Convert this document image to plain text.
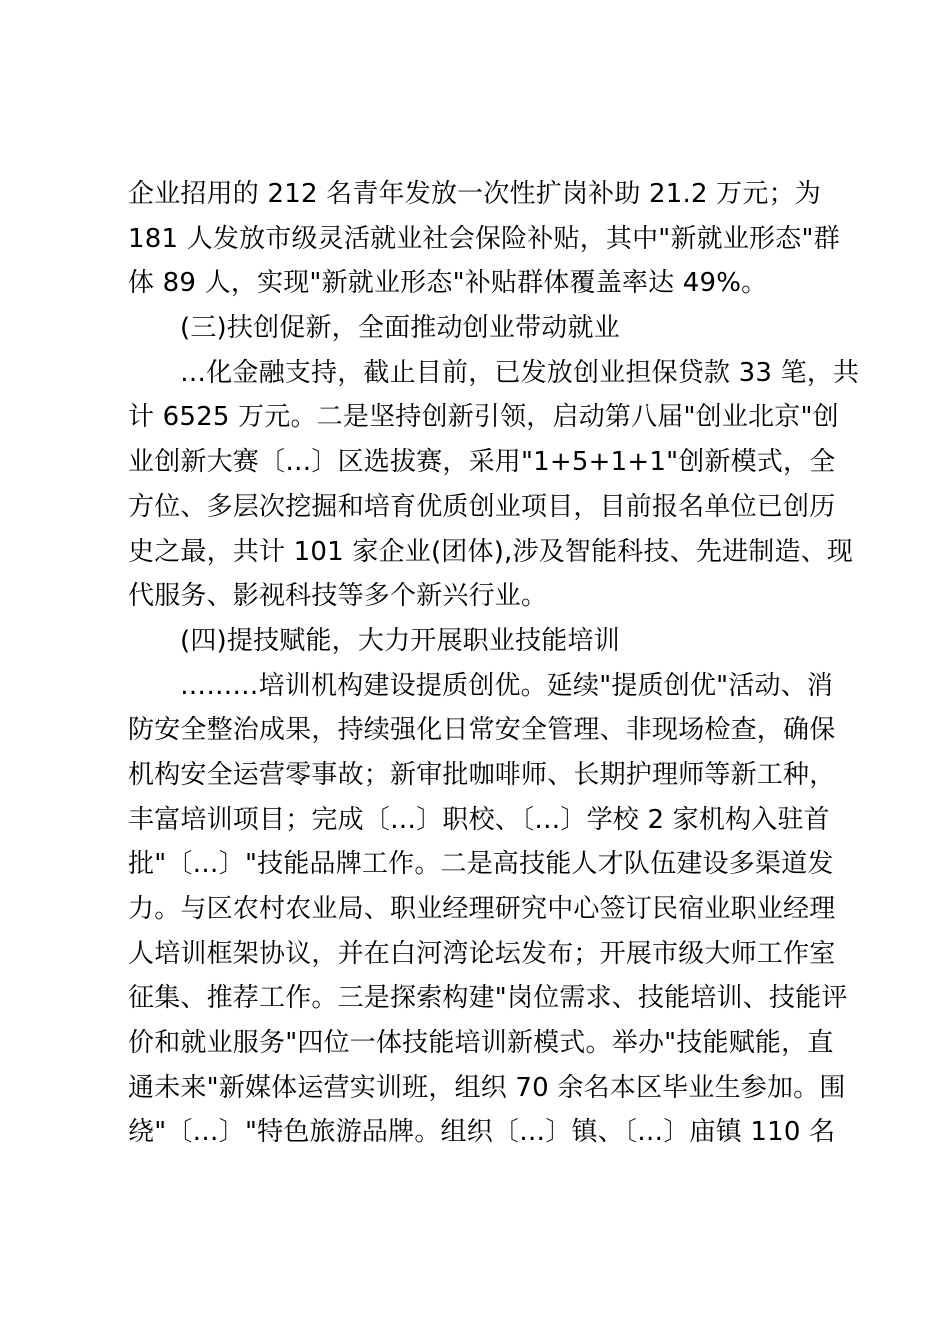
企业招用的 212 名青年发放一次性扩岗补助 21.2 万元；为
181 人发放市级灵活就业社会保险补贴，其中"新就业形态"群
体 89 人，实现"新就业形态"补贴群体覆盖率达 49%。
(三)扶创促新，全面推动创业带动就业
…化金融支持，截止目前，已发放创业担保贷款 33 笔，共
计 6525 万元。二是坚持创新引领，启动第八届"创业北京"创
业创新大赛〔…〕区选拔赛，采用"1+5+1+1"创新模式，全
方位、多层次挖掘和培育优质创业项目，目前报名单位已创历
史之最，共计 101 家企业(团体),涉及智能科技、先进制造、现
代服务、影视科技等多个新兴行业。
(四)提技赋能，大力开展职业技能培训
………培训机构建设提质创优。延续"提质创优"活动、消
防安全整治成果，持续强化日常安全管理、非现场检查，确保
机构安全运营零事故；新审批咖啡师、长期护理师等新工种，
丰富培训项目；完成〔…〕职校、〔…〕学校 2 家机构入驻首
批"〔…〕"技能品牌工作。二是高技能人才队伍建设多渠道发
力。与区农村农业局、职业经理研究中心签订民宿业职业经理
人培训框架协议，并在白河湾论坛发布；开展市级大师工作室
征集、推荐工作。三是探索构建"岗位需求、技能培训、技能评
价和就业服务"四位一体技能培训新模式。举办"技能赋能，直
通未来"新媒体运营实训班，组织 70 余名本区毕业生参加。围
绕"〔…〕"特色旅游品牌。组织〔…〕镇、〔…〕庙镇 110 名
